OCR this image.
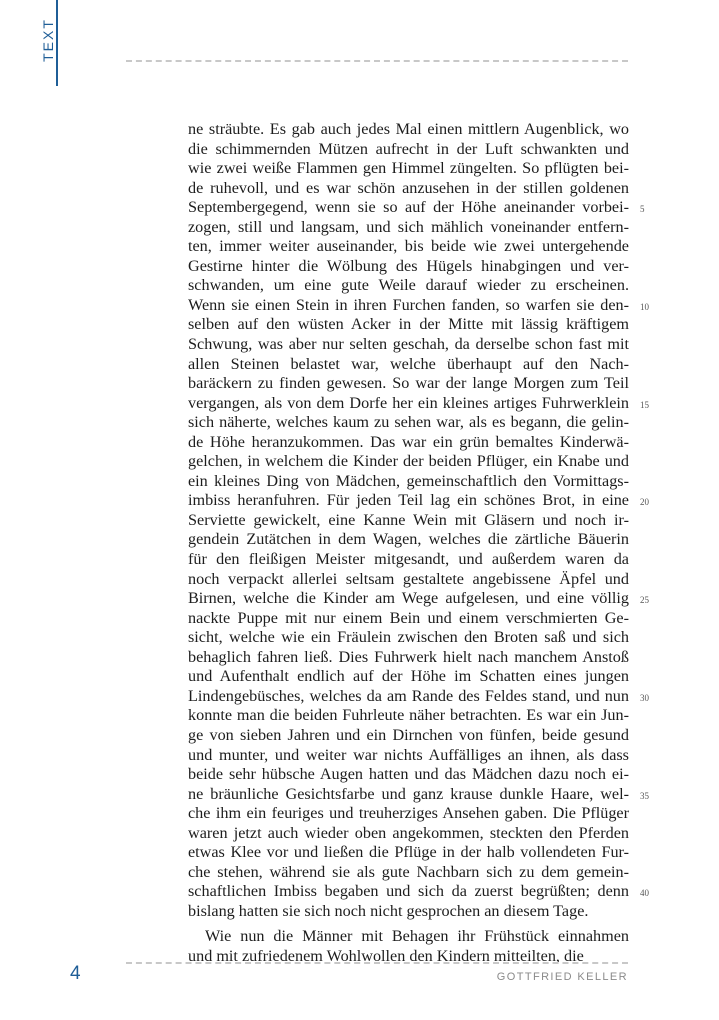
TEXT
ne sträubte. Es gab auch jedes Mal einen mittlern Augenblick, wo
die schimmernden Mützen aufrecht in der Luft schwankten und
wie zwei weiße Flammen gen Himmel züngelten. So pflügten bei-
de ruhevoll, und es war schön anzusehen in der stillen goldenen
Septembergegend, wenn sie so auf der Höhe aneinander vorbei-
zogen, still und langsam, und sich mählich voneinander entfern-
ten, immer weiter auseinander, bis beide wie zwei untergehende
Gestirne hinter die Wölbung des Hügels hinabgingen und ver-
schwanden, um eine gute Weile darauf wieder zu erscheinen.
Wenn sie einen Stein in ihren Furchen fanden, so warfen sie den-
selben auf den wüsten Acker in der Mitte mit lässig kräftigem
Schwung, was aber nur selten geschah, da derselbe schon fast mit
allen Steinen belastet war, welche überhaupt auf den Nach-
baräckern zu finden gewesen. So war der lange Morgen zum Teil
vergangen, als von dem Dorfe her ein kleines artiges Fuhrwerklein
sich näherte, welches kaum zu sehen war, als es begann, die gelin-
de Höhe heranzukommen. Das war ein grün bemaltes Kinderwä-
gelchen, in welchem die Kinder der beiden Pflüger, ein Knabe und
ein kleines Ding von Mädchen, gemeinschaftlich den Vormittags-
imbiss heranfuhren. Für jeden Teil lag ein schönes Brot, in eine
Serviette gewickelt, eine Kanne Wein mit Gläsern und noch ir-
gendein Zutätchen in dem Wagen, welches die zärtliche Bäuerin
für den fleißigen Meister mitgesandt, und außerdem waren da
noch verpackt allerlei seltsam gestaltete angebissene Äpfel und
Birnen, welche die Kinder am Wege aufgelesen, und eine völlig
nackte Puppe mit nur einem Bein und einem verschmierten Ge-
sicht, welche wie ein Fräulein zwischen den Broten saß und sich
behaglich fahren ließ. Dies Fuhrwerk hielt nach manchem Anstoß
und Aufenthalt endlich auf der Höhe im Schatten eines jungen
Lindengebüsches, welches da am Rande des Feldes stand, und nun
konnte man die beiden Fuhrleute näher betrachten. Es war ein Jun-
ge von sieben Jahren und ein Dirnchen von fünfen, beide gesund
und munter, und weiter war nichts Auffälliges an ihnen, als dass
beide sehr hübsche Augen hatten und das Mädchen dazu noch ei-
ne bräunliche Gesichtsfarbe und ganz krause dunkle Haare, wel-
che ihm ein feuriges und treuherziges Ansehen gaben. Die Pflüger
waren jetzt auch wieder oben angekommen, steckten den Pferden
etwas Klee vor und ließen die Pflüge in der halb vollendeten Fur-
che stehen, während sie als gute Nachbarn sich zu dem gemein-
schaftlichen Imbiss begaben und sich da zuerst begrüßten; denn
bislang hatten sie sich noch nicht gesprochen an diesem Tage.
Wie nun die Männer mit Behagen ihr Frühstück einnahmen
und mit zufriedenem Wohlwollen den Kindern mitteilten, die
5
10
15
20
25
30
35
40
4	GOTTFRIED KELLER
